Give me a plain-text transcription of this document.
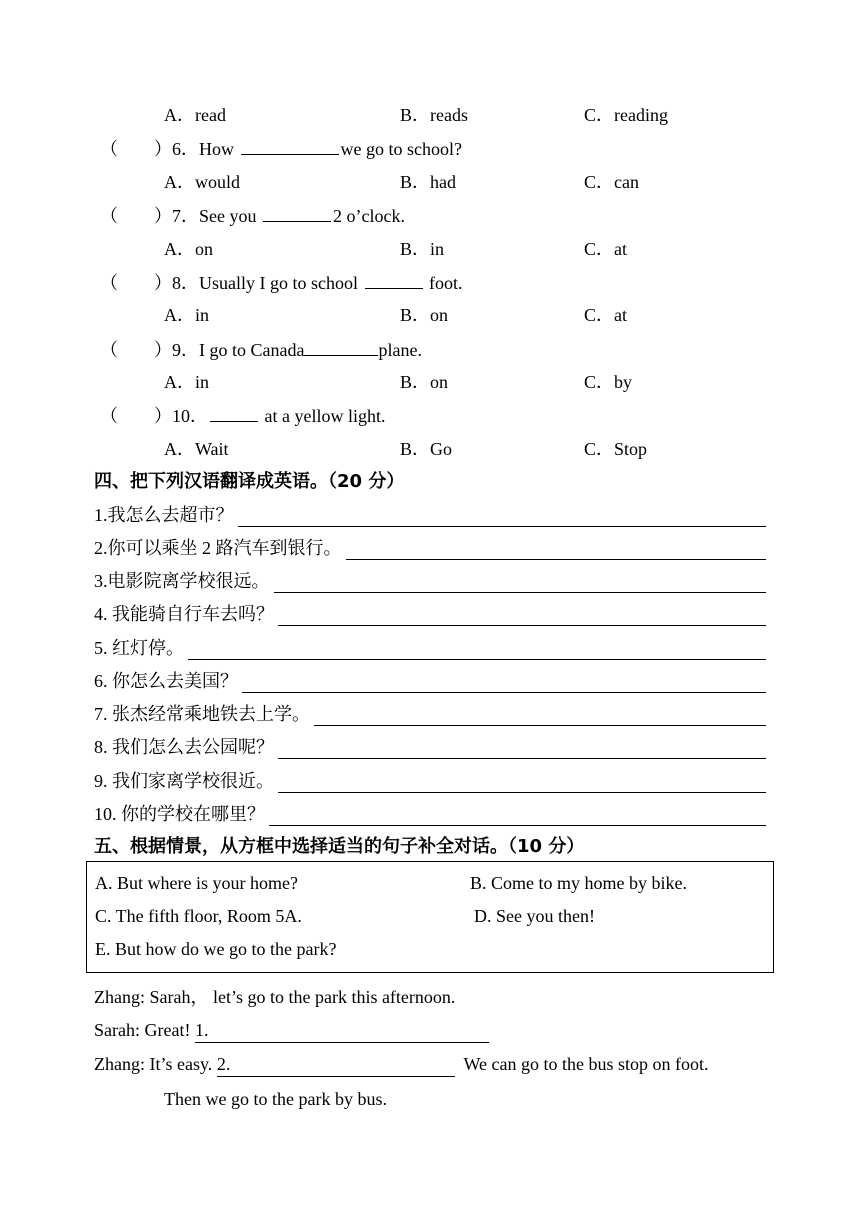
A．read	B．reads	C．reading
（　　）6．How	we go to school?
A．would	B．had	C．can
（　　）7．See you	2 o’clock.
A．on	B．in	C．at
（　　）8．Usually I go to school	foot.
A．in	B．on	C．at
（　　）9．I go to Canada	plane.
A．in	B．on	C．by
（　　）10．	at a yellow light.
A．Wait	B．Go	C．Stop
四、把下列汉语翻译成英语。（20 分）
1.我怎么去超市？
2.你可以乘坐 2 路汽车到银行。
3.电影院离学校很远。
4. 我能骑自行车去吗？
5. 红灯停。
6. 你怎么去美国？
7. 张杰经常乘地铁去上学。
8. 我们怎么去公园呢？
9. 我们家离学校很近。
10. 你的学校在哪里？
五、根据情景，从方框中选择适当的句子补全对话。（10 分）
A. But where is your home?	B. Come to my home by bike.
C. The fifth floor, Room 5A.	D. See you then!
E. But how do we go to the park?
Zhang: Sarah， let’s go to the park this afternoon.
Sarah: Great! 1.
Zhang: It’s easy. 2.	We can go to the bus stop on foot.
Then we go to the park by bus.
